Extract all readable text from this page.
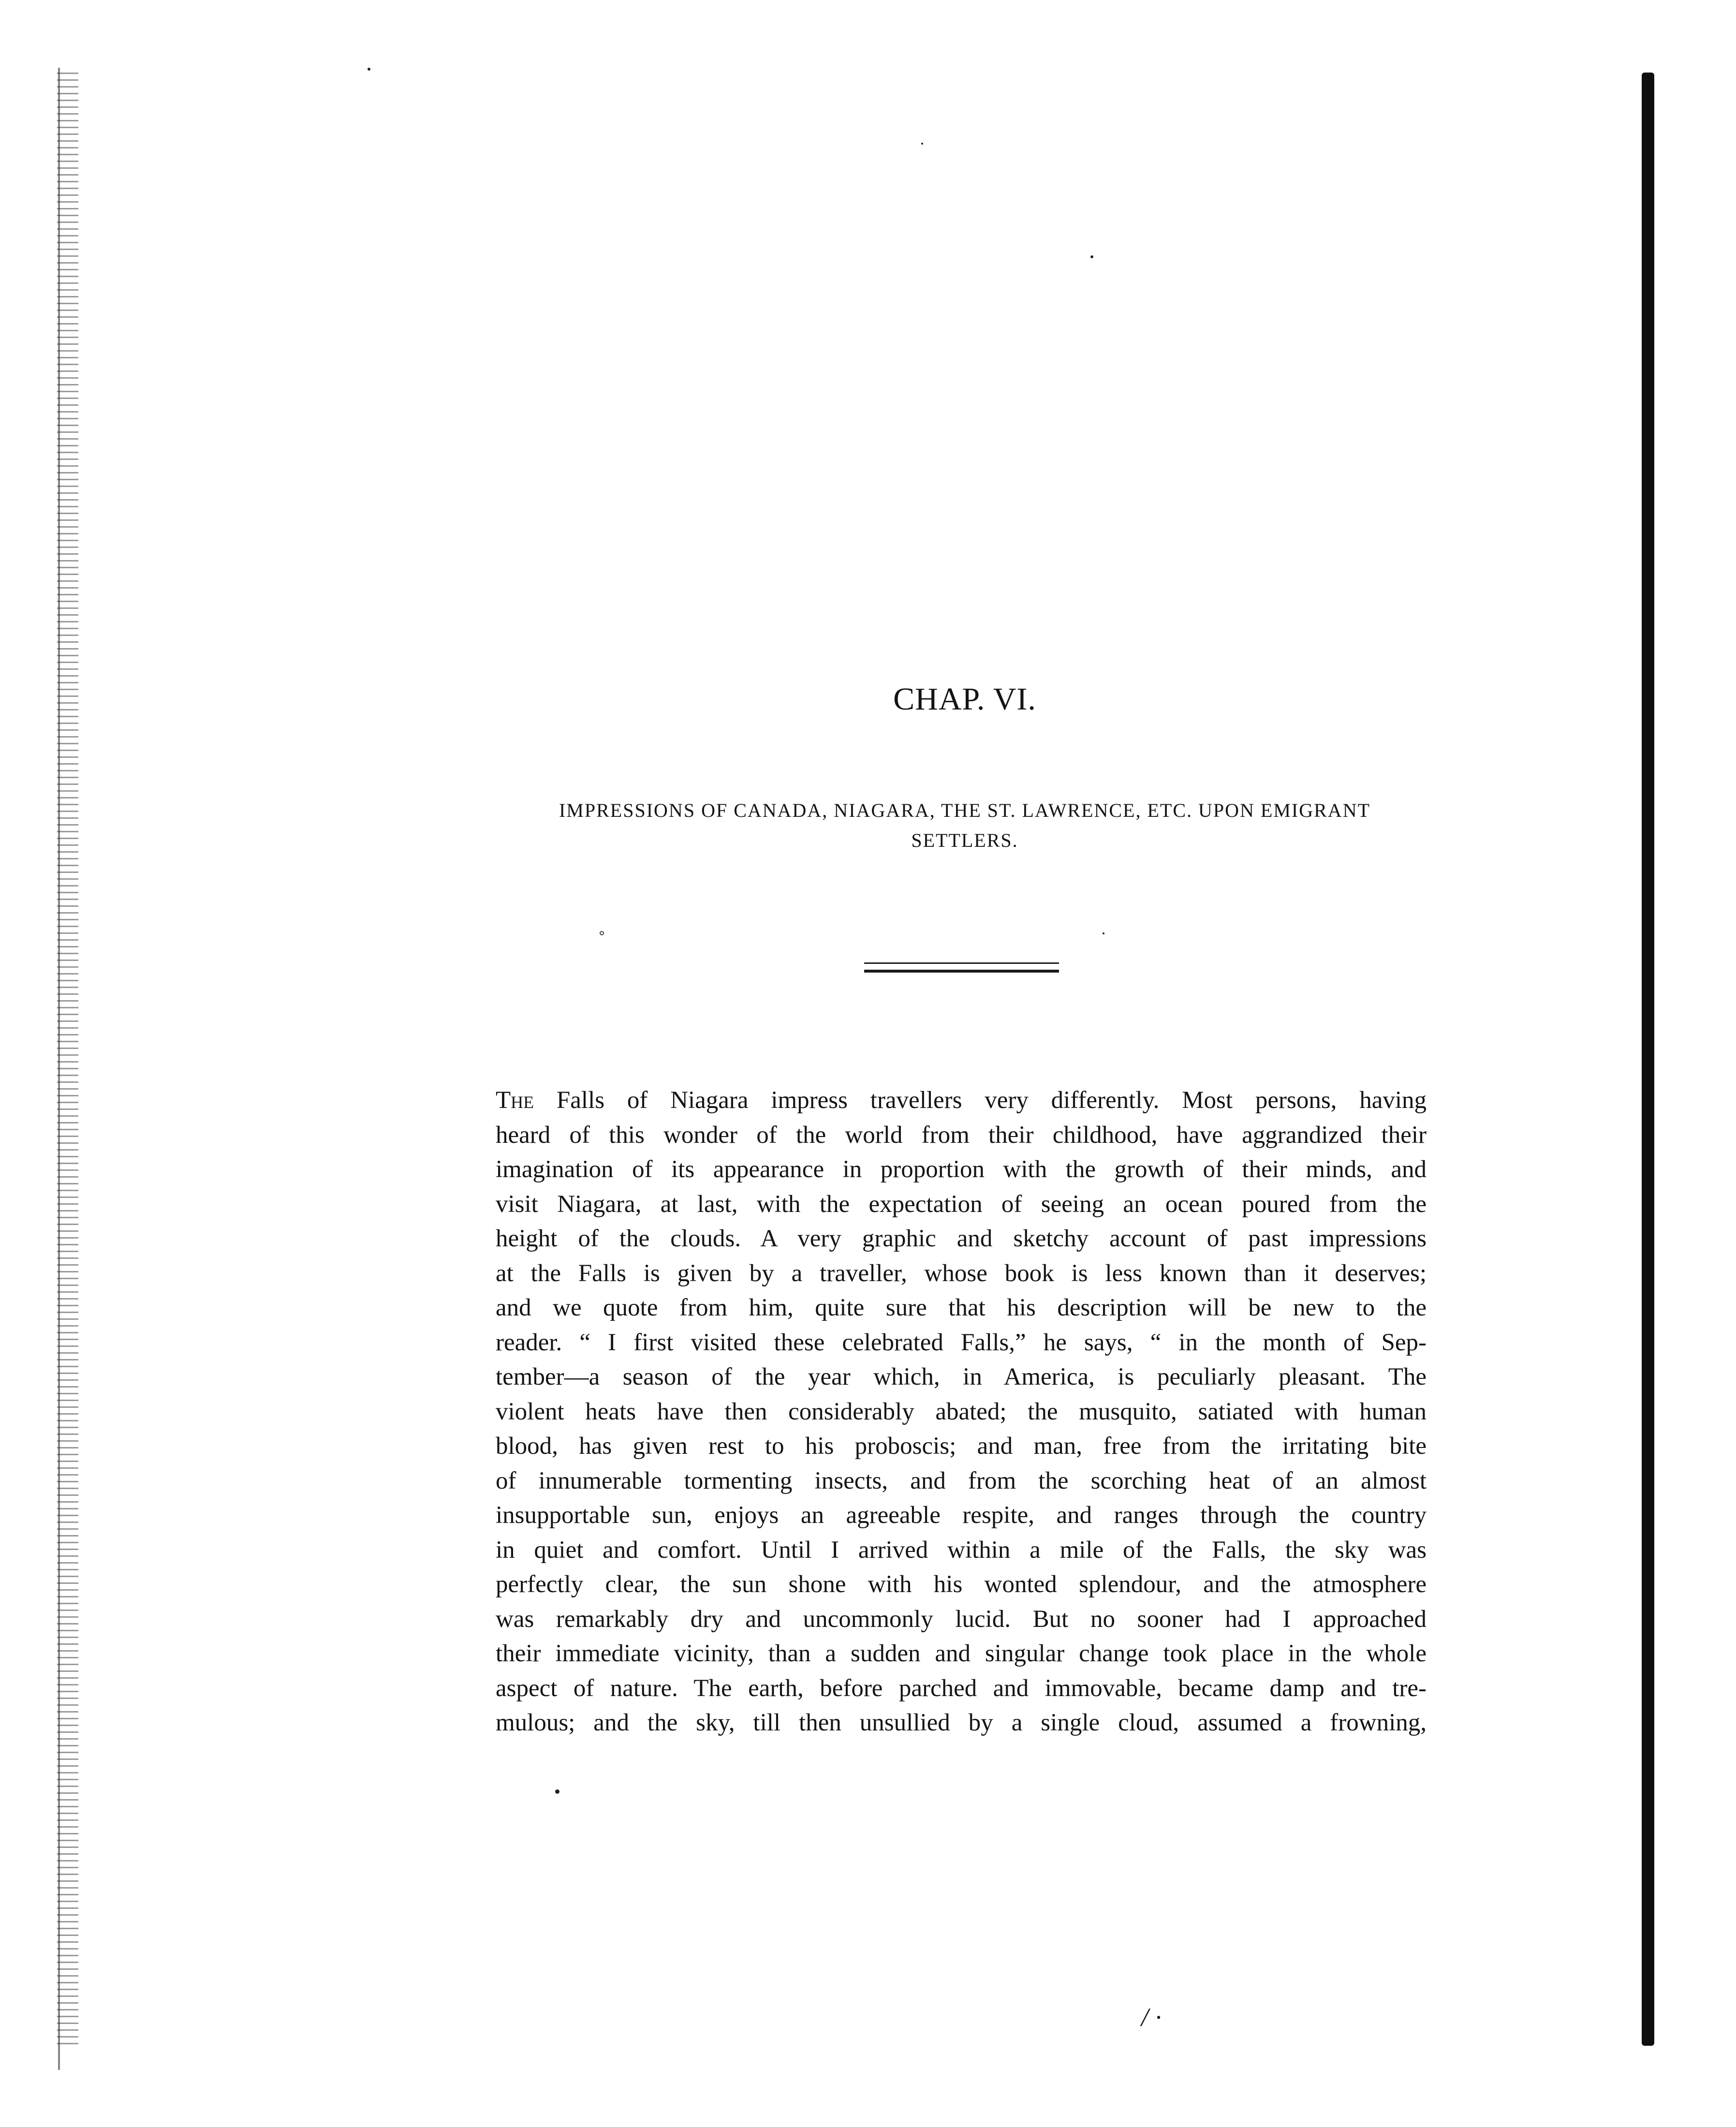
CHAP. VI.
IMPRESSIONS OF CANADA, NIAGARA, THE ST. LAWRENCE, ETC. UPON EMIGRANT
SETTLERS.
The Falls of Niagara impress travellers very differently. Most persons, having
heard of this wonder of the world from their childhood, have aggrandized their
imagination of its appearance in proportion with the growth of their minds, and
visit Niagara, at last, with the expectation of seeing an ocean poured from the
height of the clouds. A very graphic and sketchy account of past impressions
at the Falls is given by a traveller, whose book is less known than it deserves;
and we quote from him, quite sure that his description will be new to the
reader. “ I first visited these celebrated Falls,” he says, “ in the month of Sep-
tember—a season of the year which, in America, is peculiarly pleasant. The
violent heats have then considerably abated; the musquito, satiated with human
blood, has given rest to his proboscis; and man, free from the irritating bite
of innumerable tormenting insects, and from the scorching heat of an almost
insupportable sun, enjoys an agreeable respite, and ranges through the country
in quiet and comfort. Until I arrived within a mile of the Falls, the sky was
perfectly clear, the sun shone with his wonted splendour, and the atmosphere
was remarkably dry and uncommonly lucid. But no sooner had I approached
their immediate vicinity, than a sudden and singular change took place in the whole
aspect of nature. The earth, before parched and immovable, became damp and tre-
mulous; and the sky, till then unsullied by a single cloud, assumed a frowning,
/ ·
